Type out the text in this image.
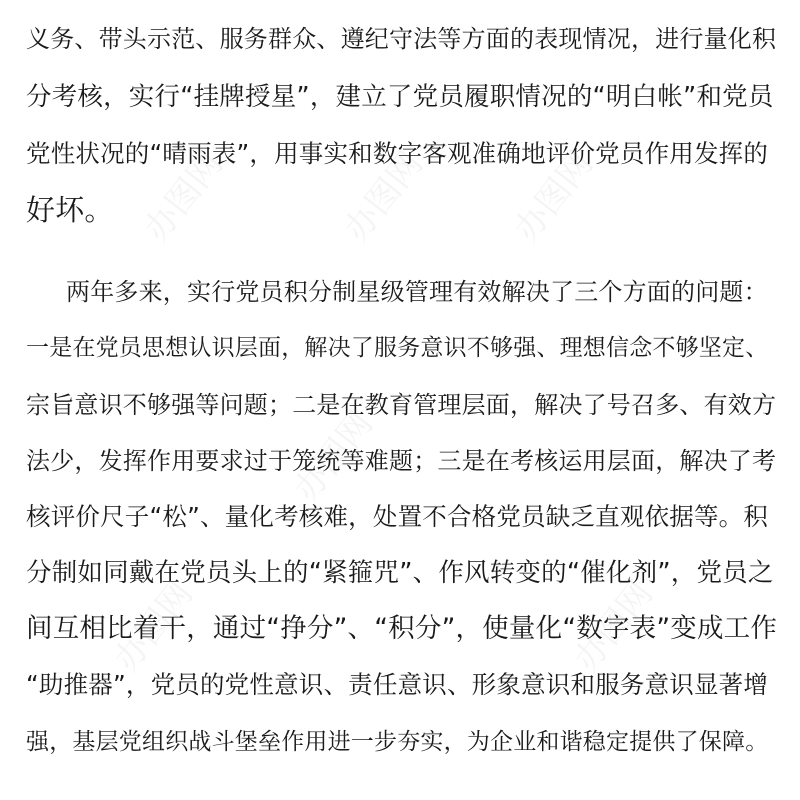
办图网	办图网 办图网
办图网
办图网	办图网
义务、带头示范、服务群众、遵纪守法等方面的表现情况，进行量化积
分考核，实行“挂牌授星”，建立了党员履职情况的“明白帐”和党员
党性状况的“晴雨表”，用事实和数字客观准确地评价党员作用发挥的
好坏。
两年多来，实行党员积分制星级管理有效解决了三个方面的问题：
一是在党员思想认识层面，解决了服务意识不够强、理想信念不够坚定、
宗旨意识不够强等问题；二是在教育管理层面，解决了号召多、有效方
法少，发挥作用要求过于笼统等难题；三是在考核运用层面，解决了考
核评价尺子“松”、量化考核难，处置不合格党员缺乏直观依据等。积
分制如同戴在党员头上的“紧箍咒”、作风转变的“催化剂”，党员之
间互相比着干，通过“挣分”、“积分”，使量化“数字表”变成工作
“助推器”，党员的党性意识、责任意识、形象意识和服务意识显著增
强，基层党组织战斗堡垒作用进一步夯实，为企业和谐稳定提供了保障。
